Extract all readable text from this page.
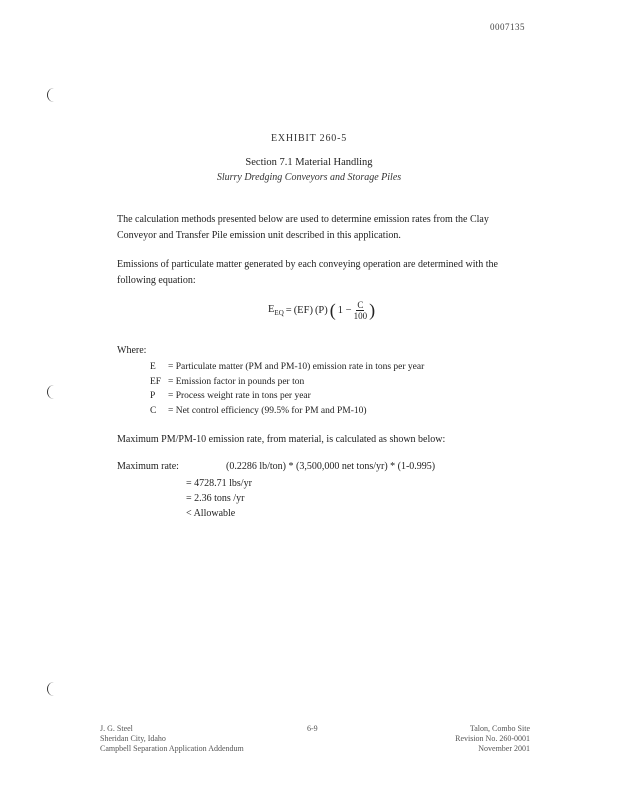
0007135
EXHIBIT 260-5
Section 7.1 Material Handling
Slurry Dredging Conveyors and Storage Piles
The calculation methods presented below are used to determine emission rates from the Clay Conveyor and Transfer Pile emission unit described in this application.
Emissions of particulate matter generated by each conveying operation are determined with the following equation:
$E_{EQ} = (EF)$ (P) ( $1 - \frac{C}{100}$ )
Where:
E	= Particulate matter (PM and PM-10) emission rate in tons per year
EF = Emission factor in pounds per ton
P	= Process weight rate in tons per year
C	= Net control efficiency (99.5% for PM and PM-10)
Maximum PM/PM-10 emission rate, from material, is calculated as shown below:
Maximum rate:	(0.2286 lb/ton) * (3,500,000 net tons/yr) * (1-0.995)
= 4728.71 lbs/yr
= 2.36 tons /yr
< Allowable
J. G. Steel
Sheridan City, Idaho
Campbell Separation Application Addendum
6-9	Talon, Combo Site
Revision No. 260-0001
November 2001
